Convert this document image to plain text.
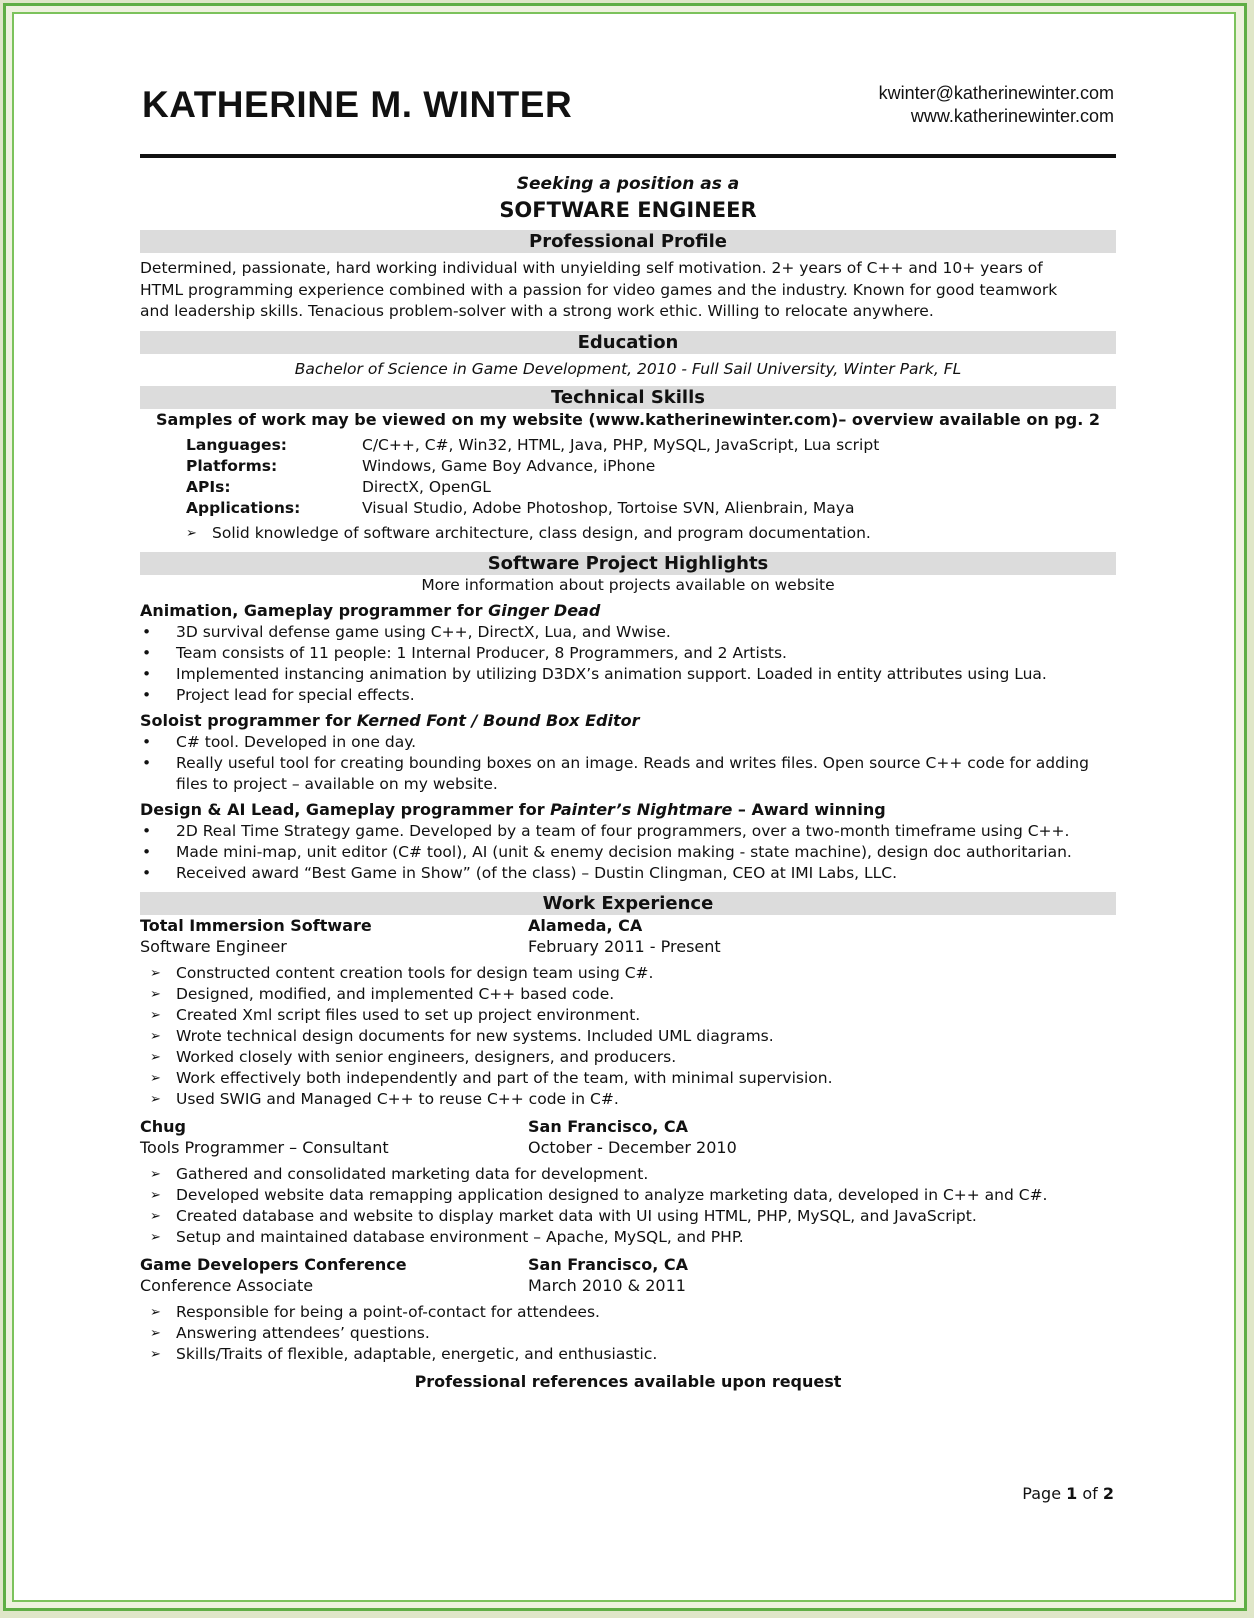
KATHERINE M. WINTER	kwinter@katherinewinter.com
www.katherinewinter.com
Seeking a position as a
SOFTWARE ENGINEER
Professional Profile
Determined, passionate, hard working individual with unyielding self motivation. 2+ years of C++ and 10+ years of
HTML programming experience combined with a passion for video games and the industry. Known for good teamwork
and leadership skills. Tenacious problem-solver with a strong work ethic. Willing to relocate anywhere.
Education
Bachelor of Science in Game Development, 2010 - Full Sail University, Winter Park, FL
Technical Skills
Samples of work may be viewed on my website (www.katherinewinter.com)– overview available on pg. 2
Languages:	C/C++, C#, Win32, HTML, Java, PHP, MySQL, JavaScript, Lua script
Platforms:	Windows, Game Boy Advance, iPhone
APIs:	DirectX, OpenGL
Applications:	Visual Studio, Adobe Photoshop, Tortoise SVN, Alienbrain, Maya
➢ Solid knowledge of software architecture, class design, and program documentation.
Software Project Highlights
More information about projects available on website
Animation, Gameplay programmer for Ginger Dead
•	3D survival defense game using C++, DirectX, Lua, and Wwise.
•	Team consists of 11 people: 1 Internal Producer, 8 Programmers, and 2 Artists.
•	Implemented instancing animation by utilizing D3DX’s animation support. Loaded in entity attributes using Lua.
•	Project lead for special effects.
Soloist programmer for Kerned Font / Bound Box Editor
•	C# tool. Developed in one day.
•	Really useful tool for creating bounding boxes on an image. Reads and writes files. Open source C++ code for adding files to project – available on my website.
Design & AI Lead, Gameplay programmer for Painter’s Nightmare – Award winning
•	2D Real Time Strategy game. Developed by a team of four programmers, over a two-month timeframe using C++.
•	Made mini-map, unit editor (C# tool), AI (unit & enemy decision making - state machine), design doc authoritarian.
•	Received award “Best Game in Show” (of the class) – Dustin Clingman, CEO at IMI Labs, LLC.
Work Experience
Total Immersion Software	Alameda, CA
Software Engineer	February 2011 - Present
➢ Constructed content creation tools for design team using C#.
➢ Designed, modified, and implemented C++ based code.
➢ Created Xml script files used to set up project environment.
➢ Wrote technical design documents for new systems. Included UML diagrams.
➢ Worked closely with senior engineers, designers, and producers.
➢ Work effectively both independently and part of the team, with minimal supervision.
➢ Used SWIG and Managed C++ to reuse C++ code in C#.
Chug	San Francisco, CA
Tools Programmer – Consultant	October - December 2010
➢ Gathered and consolidated marketing data for development.
➢ Developed website data remapping application designed to analyze marketing data, developed in C++ and C#.
➢ Created database and website to display market data with UI using HTML, PHP, MySQL, and JavaScript.
➢ Setup and maintained database environment – Apache, MySQL, and PHP.
Game Developers Conference	San Francisco, CA
Conference Associate	March 2010 & 2011
➢ Responsible for being a point-of-contact for attendees.
➢ Answering attendees’ questions.
➢ Skills/Traits of flexible, adaptable, energetic, and enthusiastic.
Professional references available upon request
Page 1 of 2
